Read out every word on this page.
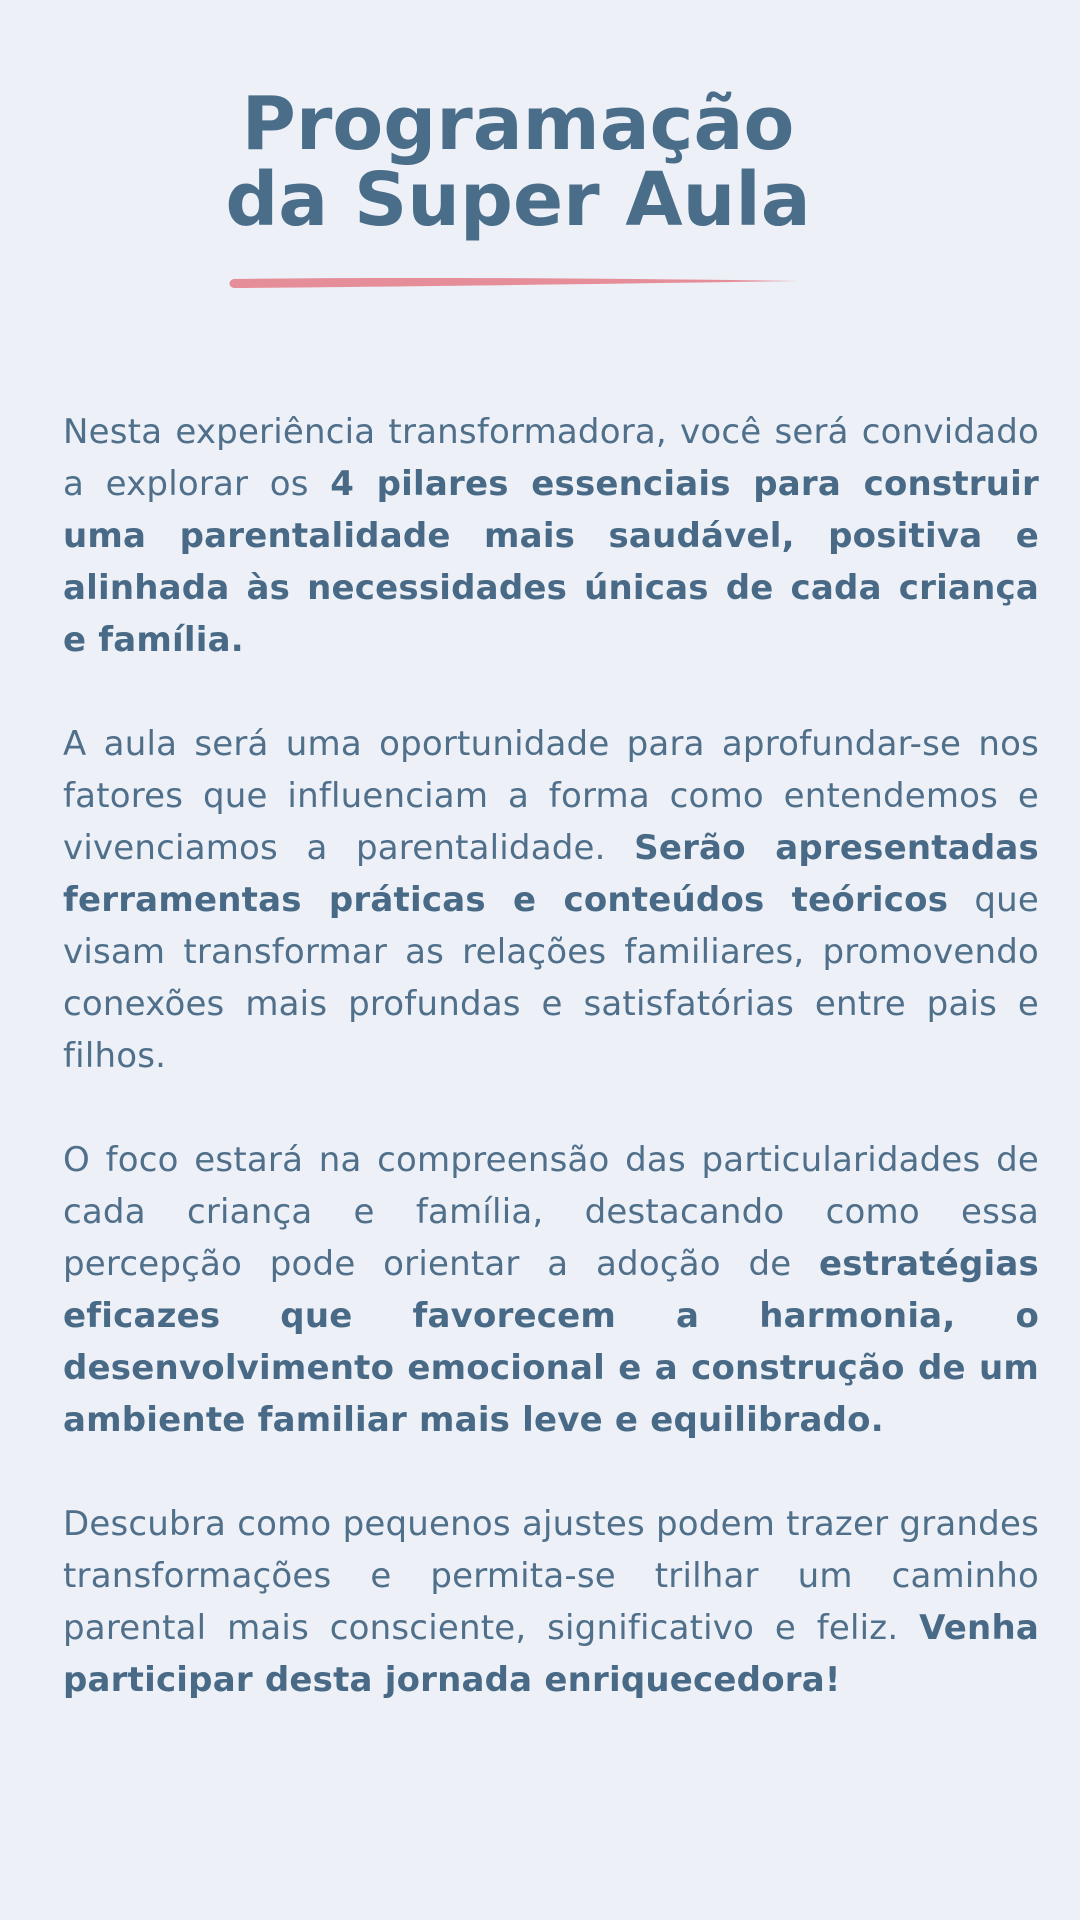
Programação
da Super Aula

Nesta experiência transformadora, você será convidado a explorar os 4 pilares essenciais para construir uma parentalidade mais saudável, positiva e alinhada às necessidades únicas de cada criança e família.

A aula será uma oportunidade para aprofundar-se nos fatores que influenciam a forma como entendemos e vivenciamos a parentalidade. Serão apresentadas ferramentas práticas e conteúdos teóricos que visam transformar as relações familiares, promovendo conexões mais profundas e satisfatórias entre pais e filhos.

O foco estará na compreensão das particularidades de cada criança e família, destacando como essa percepção pode orientar a adoção de estratégias eficazes que favorecem a harmonia, o desenvolvimento emocional e a construção de um ambiente familiar mais leve e equilibrado.

Descubra como pequenos ajustes podem trazer grandes transformações e permita-se trilhar um caminho parental mais consciente, significativo e feliz. Venha participar desta jornada enriquecedora!
